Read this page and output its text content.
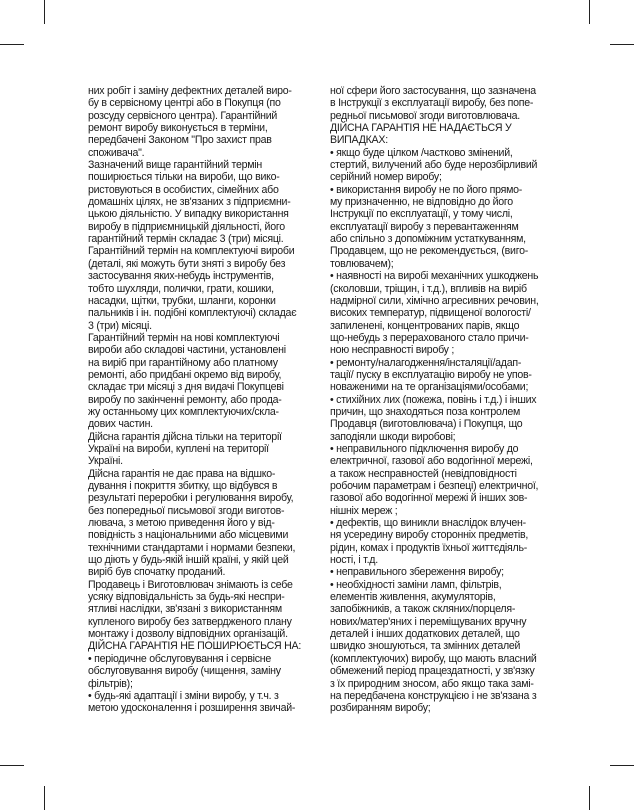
них робіт і заміну дефектних деталей виро-
бу в сервісному центрі або в Покупця (по
розсуду сервісного центра). Гарантійний
ремонт виробу виконується в терміни,
передбачені Законом "Про захист прав
споживача".
Зазначений вище гарантійний термін
поширюється тільки на вироби, що вико-
ристовуються в особистих, сімейних або
домашніх цілях, не зв'язаних з підприємни-
цькою діяльністю. У випадку використання
виробу в підприємницькій діяльності, його
гарантійний термін складає 3 (три) місяці.
Гарантійний термін на комплектуючі вироби
(деталі, які можуть бути зняті з виробу без
застосування яких-небудь інструментів,
тобто шухляди, полички, грати, кошики,
насадки, щітки, трубки, шланги, коронки
пальників і ін. подібні комплектуючі) складає
3 (три) місяці.
Гарантійний термін на нові комплектуючі
вироби або складові частини, установлені
на виріб при гарантійному або платному
ремонті, або придбані окремо від виробу,
складає три місяці з дня видачі Покупцеві
виробу по закінченні ремонту, або прода-
жу останньому цих комплектуючих/скла-
дових частин.
Дійсна гарантія дійсна тільки на території
Україні на вироби, куплені на території
Україні.
Дійсна гарантія не дає права на відшко-
дування і покриття збитку, що відбувся в
результаті переробки і регулювання виробу,
без попередньої письмової згоди виготов-
лювача, з метою приведення його у від-
повідність з національними або місцевими
технічними стандартами і нормами безпеки,
що діють у будь-якій іншій країні, у якій цей
виріб був спочатку проданий.
Продавець і Виготовлювач знімають із себе
усяку відповідальність за будь-які неспри-
ятливі наслідки, зв'язані з використанням
купленого виробу без затвердженого плану
монтажу і дозволу відповідних організацій.
ДІЙСНА ГАРАНТІЯ НЕ ПОШИРЮЄТЬСЯ НА:
• періодичне обслуговування і сервісне
обслуговування виробу (чищення, заміну
фільтрів);
• будь-які адаптації і зміни виробу, у т.ч. з
метою удосконалення і розширення звичай-
ної сфери його застосування, що зазначена
в Інструкції з експлуатації виробу, без попе-
редньої письмової згоди виготовлювача.
ДІЙСНА ГАРАНТІЯ НЕ НАДАЄТЬСЯ У
ВИПАДКАХ:
• якщо буде цілком /частково змінений,
стертий, вилучений або буде нерозбірливий
серійний номер виробу;
• використання виробу не по його прямо-
му призначенню, не відповідно до його
Інструкції по експлуатації, у тому числі,
експлуатації виробу з перевантаженням
або спільно з допоміжним устаткуванням,
Продавцем, що не рекомендується, (виго-
товлювачем);
• наявності на виробі механічних ушкоджень
(сколовши, тріщин, і т.д.), впливів на виріб
надмірної сили, хімічно агресивних речовин,
високих температур, підвищеної вологості/
запиленені, концентрованих парів, якщо
що-небудь з перерахованого стало причи-
ною несправності виробу ;
• ремонту/налагодження/інсталяції/адап-
тації/ пуску в експлуатацію виробу не упов-
новаженими на те організаціями/особами;
• стихійних лих (пожежа, повінь і т.д.) і інших
причин, що знаходяться поза контролем
Продавця (виготовлювача) і Покупця, що
заподіяли шкоди виробові;
• неправильного підключення виробу до
електричної, газової або водогінної мережі,
а також несправностей (невідповідності
робочим параметрам і безпеці) електричної,
газової або водогінної мережі й інших зов-
нішніх мереж ;
• дефектів, що виникли внаслідок влучен-
ня усередину виробу сторонніх предметів,
рідин, комах і продуктів їхньої життєдіяль-
ності, і т.д.
• неправильного збереження виробу;
• необхідності заміни ламп, фільтрів,
елементів живлення, акумуляторів,
запобіжників, а також скляних/порцеля-
нових/матер'яних і переміщуваних вручну
деталей і інших додаткових деталей, що
швидко зношуються, та змінних деталей
(комплектуючих) виробу, що мають власний
обмежений період працездатності, у зв'язку
з їх природним зносом, або якщо така замі-
на передбачена конструкцією і не зв'язана з
розбиранням виробу;
